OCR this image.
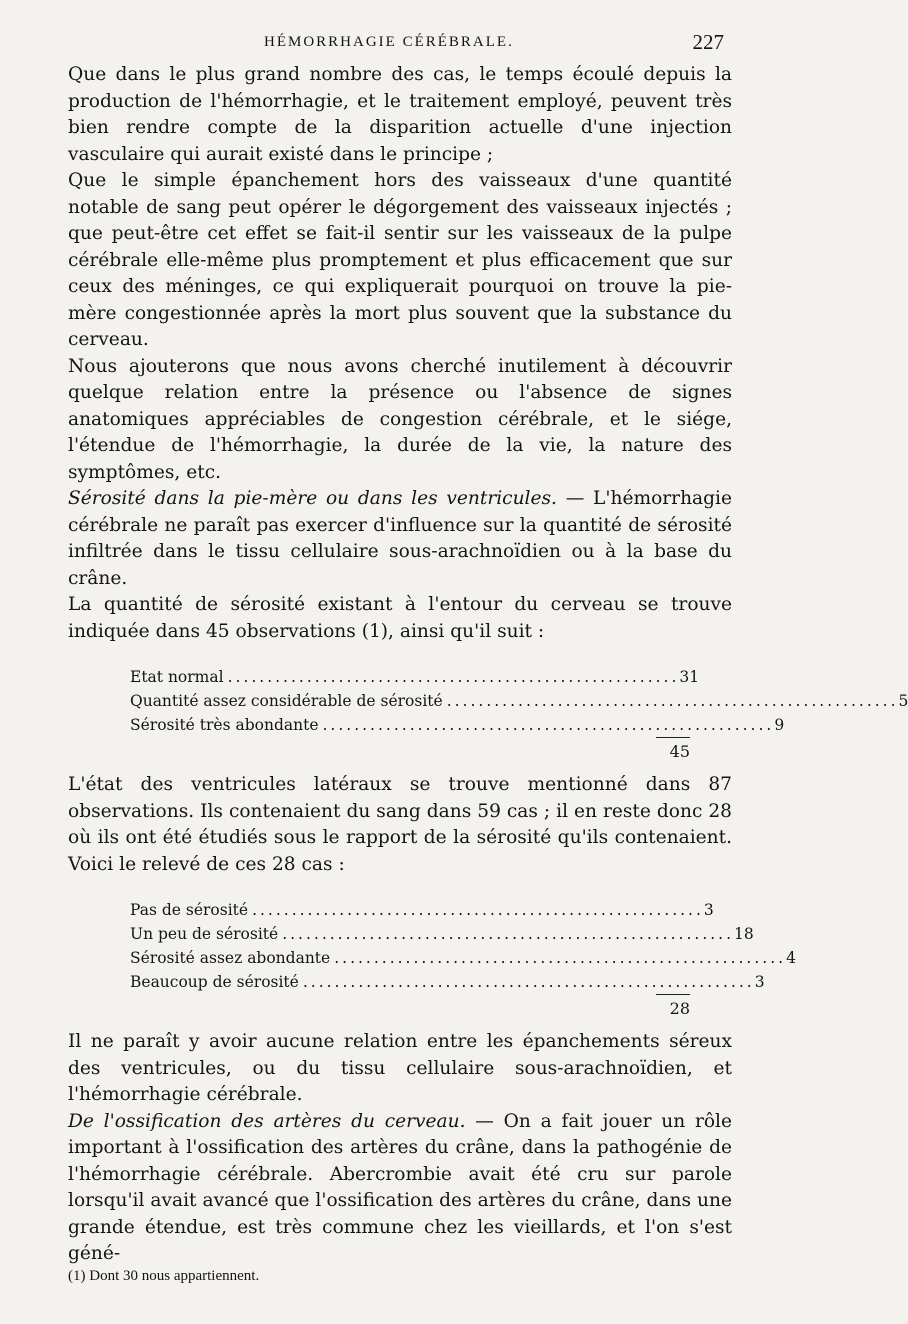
HÉMORRHAGIE CÉRÉBRALE.	227

Que dans le plus grand nombre des cas, le temps écoulé depuis la production de l'hémorrhagie, et le traitement employé, peuvent très bien rendre compte de la disparition actuelle d'une injection vasculaire qui aurait existé dans le principe ;

Que le simple épanchement hors des vaisseaux d'une quantité notable de sang peut opérer le dégorgement des vaisseaux injectés ; que peut-être cet effet se fait-il sentir sur les vaisseaux de la pulpe cérébrale elle-même plus promptement et plus efficacement que sur ceux des méninges, ce qui expliquerait pourquoi on trouve la pie-mère congestionnée après la mort plus souvent que la substance du cerveau.

Nous ajouterons que nous avons cherché inutilement à découvrir quelque relation entre la présence ou l'absence de signes anatomiques appréciables de congestion cérébrale, et le siége, l'étendue de l'hémorrhagie, la durée de la vie, la nature des symptômes, etc.

Sérosité dans la pie-mère ou dans les ventricules. — L'hémorrhagie cérébrale ne paraît pas exercer d'influence sur la quantité de sérosité infiltrée dans le tissu cellulaire sous-arachnoïdien ou à la base du crâne.

La quantité de sérosité existant à l'entour du cerveau se trouve indiquée dans 45 observations (1), ainsi qu'il suit :

Etat normal ......................................................... 31
Quantité assez considérable de sérosité ......................................................... 5
Sérosité très abondante ......................................................... 9
45

L'état des ventricules latéraux se trouve mentionné dans 87 observations. Ils contenaient du sang dans 59 cas ; il en reste donc 28 où ils ont été étudiés sous le rapport de la sérosité qu'ils contenaient. Voici le relevé de ces 28 cas :

Pas de sérosité ......................................................... 3
Un peu de sérosité ......................................................... 18
Sérosité assez abondante ......................................................... 4
Beaucoup de sérosité ......................................................... 3
28

Il ne paraît y avoir aucune relation entre les épanchements séreux des ventricules, ou du tissu cellulaire sous-arachnoïdien, et l'hémorrhagie cérébrale.

De l'ossification des artères du cerveau. — On a fait jouer un rôle important à l'ossification des artères du crâne, dans la pathogénie de l'hémorrhagie cérébrale. Abercrombie avait été cru sur parole lorsqu'il avait avancé que l'ossification des artères du crâne, dans une grande étendue, est très commune chez les vieillards, et l'on s'est géné-

(1) Dont 30 nous appartiennent.
